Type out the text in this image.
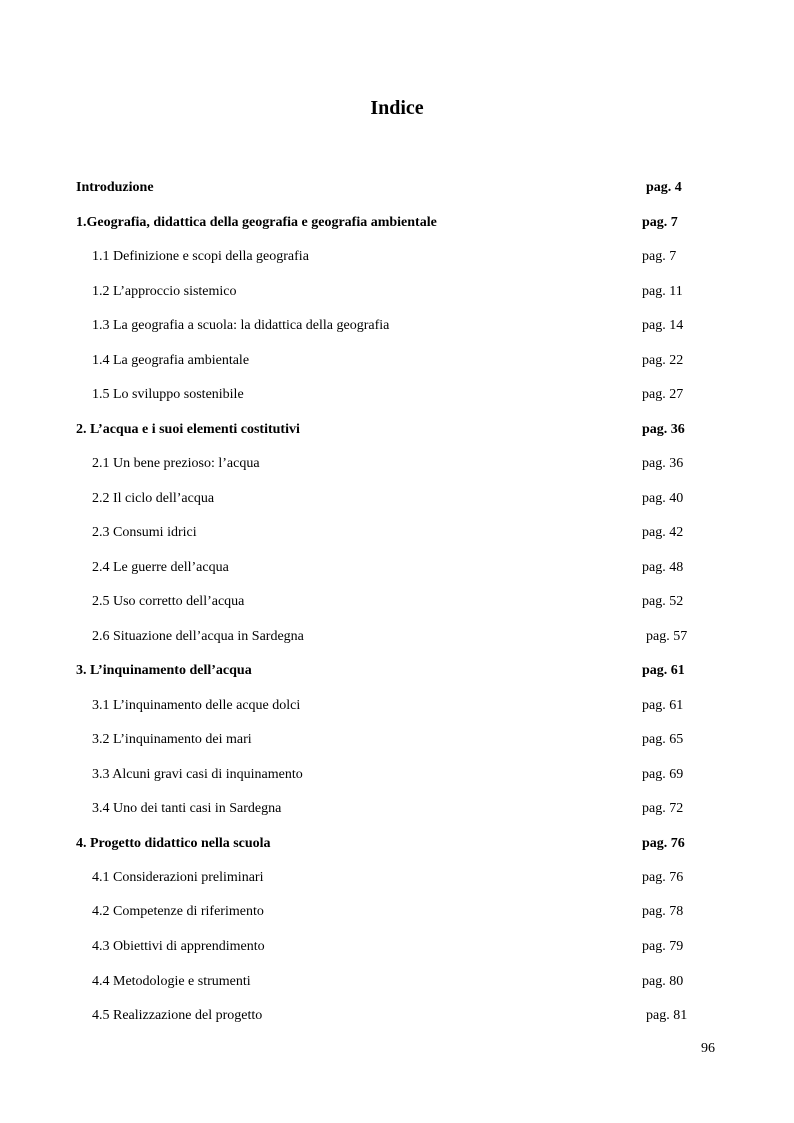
Indice
Introduzione	pag. 4
1.Geografia, didattica della geografia e geografia ambientale	pag. 7
1.1 Definizione e scopi della geografia	pag. 7
1.2 L’approccio sistemico	pag. 11
1.3 La geografia a scuola: la didattica della geografia	pag. 14
1.4 La geografia ambientale	pag. 22
1.5 Lo sviluppo sostenibile	pag. 27
2. L’acqua e i suoi elementi costitutivi	pag. 36
2.1 Un bene prezioso: l’acqua	pag. 36
2.2 Il ciclo dell’acqua	pag. 40
2.3 Consumi idrici	pag. 42
2.4 Le guerre dell’acqua	pag. 48
2.5 Uso corretto dell’acqua	pag. 52
2.6 Situazione dell’acqua in Sardegna	pag. 57
3. L’inquinamento dell’acqua	pag. 61
3.1 L’inquinamento delle acque dolci	pag. 61
3.2 L’inquinamento dei mari	pag. 65
3.3 Alcuni gravi casi di inquinamento	pag. 69
3.4 Uno dei tanti casi in Sardegna	pag. 72
4. Progetto didattico nella scuola	pag. 76
4.1 Considerazioni preliminari	pag. 76
4.2 Competenze di riferimento	pag. 78
4.3 Obiettivi di apprendimento	pag. 79
4.4 Metodologie e strumenti	pag. 80
4.5 Realizzazione del progetto	pag. 81
96
